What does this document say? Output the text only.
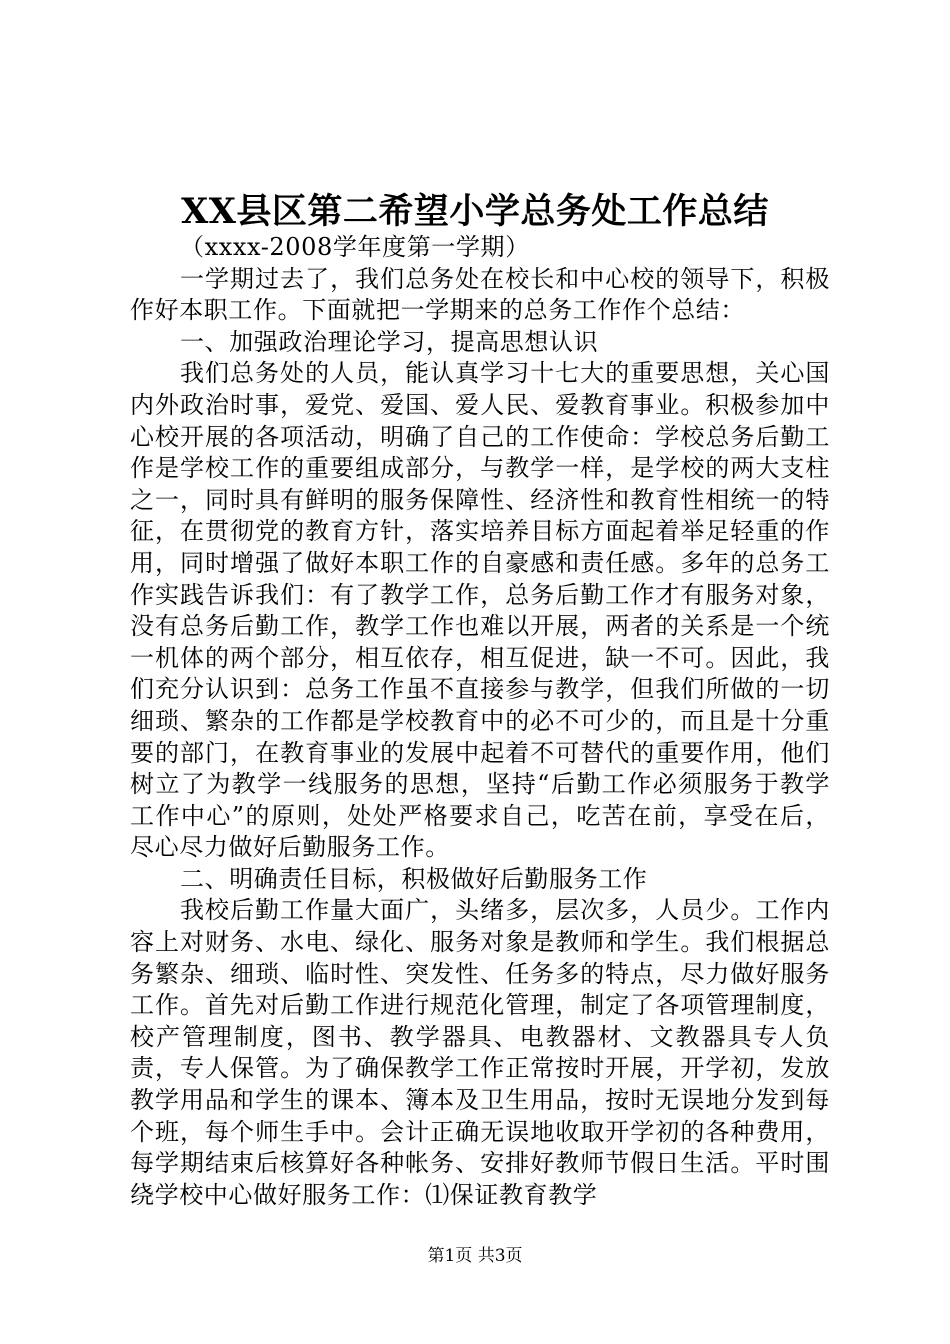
XX县区第二希望小学总务处工作总结

（xxxx-2008学年度第一学期）

一学期过去了，我们总务处在校长和中心校的领导下，积极作好本职工作。下面就把一学期来的总务工作作个总结：

一、加强政治理论学习，提高思想认识

我们总务处的人员，能认真学习十七大的重要思想，关心国内外政治时事，爱党、爱国、爱人民、爱教育事业。积极参加中心校开展的各项活动，明确了自己的工作使命：学校总务后勤工作是学校工作的重要组成部分，与教学一样，是学校的两大支柱之一，同时具有鲜明的服务保障性、经济性和教育性相统一的特征，在贯彻党的教育方针，落实培养目标方面起着举足轻重的作用，同时增强了做好本职工作的自豪感和责任感。多年的总务工作实践告诉我们：有了教学工作，总务后勤工作才有服务对象，没有总务后勤工作，教学工作也难以开展，两者的关系是一个统一机体的两个部分，相互依存，相互促进，缺一不可。因此，我们充分认识到：总务工作虽不直接参与教学，但我们所做的一切细琐、繁杂的工作都是学校教育中的必不可少的，而且是十分重要的部门，在教育事业的发展中起着不可替代的重要作用，他们树立了为教学一线服务的思想，坚持“后勤工作必须服务于教学工作中心”的原则，处处严格要求自己，吃苦在前，享受在后，尽心尽力做好后勤服务工作。

二、明确责任目标，积极做好后勤服务工作

我校后勤工作量大面广，头绪多，层次多，人员少。工作内容上对财务、水电、绿化、服务对象是教师和学生。我们根据总务繁杂、细琐、临时性、突发性、任务多的特点，尽力做好服务工作。首先对后勤工作进行规范化管理，制定了各项管理制度，校产管理制度，图书、教学器具、电教器材、文教器具专人负责，专人保管。为了确保教学工作正常按时开展，开学初，发放教学用品和学生的课本、簿本及卫生用品，按时无误地分发到每个班，每个师生手中。会计正确无误地收取开学初的各种费用，每学期结束后核算好各种帐务、安排好教师节假日生活。平时围绕学校中心做好服务工作：⑴保证教育教学

第1页 共3页
